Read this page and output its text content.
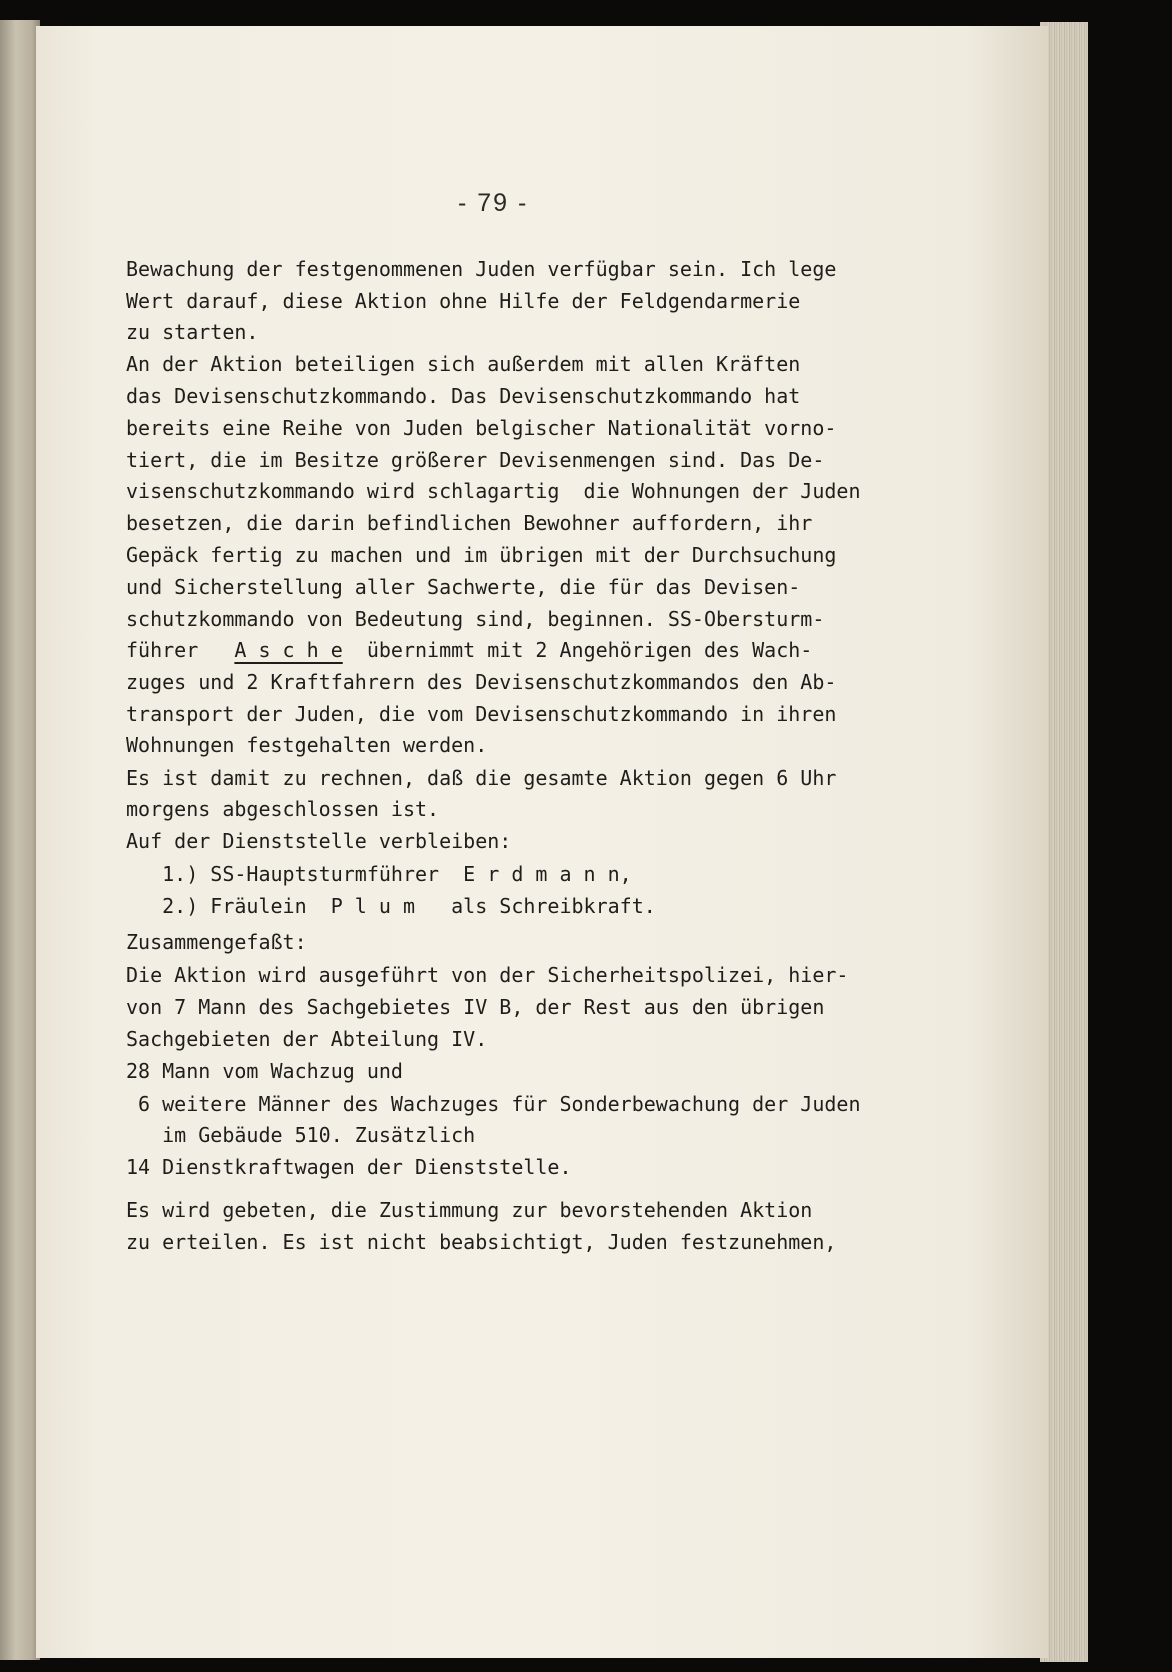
- 79 -
Bewachung der festgenommenen Juden verfügbar sein. Ich lege
Wert darauf, diese Aktion ohne Hilfe der Feldgendarmerie
zu starten.
An der Aktion beteiligen sich außerdem mit allen Kräften
das Devisenschutzkommando. Das Devisenschutzkommando hat
bereits eine Reihe von Juden belgischer Nationalität vorno-
tiert, die im Besitze größerer Devisenmengen sind. Das De-
visenschutzkommando wird schlagartig  die Wohnungen der Juden
besetzen, die darin befindlichen Bewohner auffordern, ihr
Gepäck fertig zu machen und im übrigen mit der Durchsuchung
und Sicherstellung aller Sachwerte, die für das Devisen-
schutzkommando von Bedeutung sind, beginnen. SS-Obersturm-
führer   A s c h e  übernimmt mit 2 Angehörigen des Wach-
zuges und 2 Kraftfahrern des Devisenschutzkommandos den Ab-
transport der Juden, die vom Devisenschutzkommando in ihren
Wohnungen festgehalten werden.
Es ist damit zu rechnen, daß die gesamte Aktion gegen 6 Uhr
morgens abgeschlossen ist.
Auf der Dienststelle verbleiben:
1.) SS-Hauptsturmführer  E r d m a n n,
2.) Fräulein  P l u m   als Schreibkraft.
Zusammengefaßt:
Die Aktion wird ausgeführt von der Sicherheitspolizei, hier-
von 7 Mann des Sachgebietes IV B, der Rest aus den übrigen
Sachgebieten der Abteilung IV.
28 Mann vom Wachzug und
6 weitere Männer des Wachzuges für Sonderbewachung der Juden
im Gebäude 510. Zusätzlich
14 Dienstkraftwagen der Dienststelle.
Es wird gebeten, die Zustimmung zur bevorstehenden Aktion
zu erteilen. Es ist nicht beabsichtigt, Juden festzunehmen,
